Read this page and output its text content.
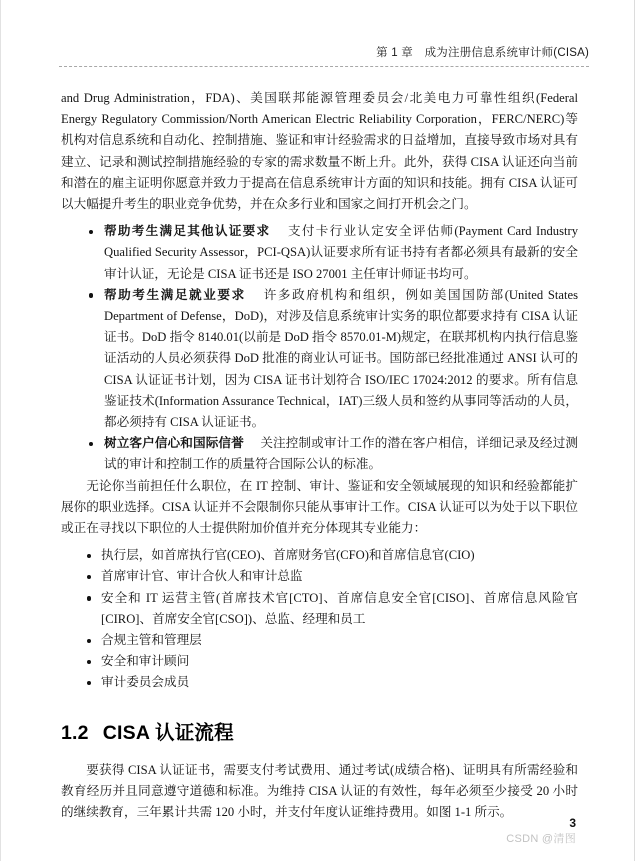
第 1 章　成为注册信息系统审计师(CISA)

and Drug Administration，FDA)、美国联邦能源管理委员会/北美电力可靠性组织(Federal Energy Regulatory Commission/North American Electric Reliability Corporation，FERC/NERC)等机构对信息系统和自动化、控制措施、鉴证和审计经验需求的日益增加，直接导致市场对具有建立、记录和测试控制措施经验的专家的需求数量不断上升。此外，获得 CISA 认证还向当前和潜在的雇主证明你愿意并致力于提高在信息系统审计方面的知识和技能。拥有 CISA 认证可以大幅提升考生的职业竞争优势，并在众多行业和国家之间打开机会之门。

帮助考生满足其他认证要求 支付卡行业认定安全评估师(Payment Card Industry Qualified Security Assessor，PCI-QSA)认证要求所有证书持有者都必须具有最新的安全审计认证，无论是 CISA 证书还是 ISO 27001 主任审计师证书均可。
帮助考生满足就业要求 许多政府机构和组织，例如美国国防部(United States Department of Defense，DoD)，对涉及信息系统审计实务的职位都要求持有 CISA 认证证书。DoD 指令 8140.01(以前是 DoD 指令 8570.01-M)规定，在联邦机构内执行信息鉴证活动的人员必须获得 DoD 批准的商业认可证书。国防部已经批准通过 ANSI 认可的 CISA 认证证书计划，因为 CISA 证书计划符合 ISO/IEC 17024:2012 的要求。所有信息鉴证技术(Information Assurance Technical，IAT)三级人员和签约从事同等活动的人员，都必须持有 CISA 认证证书。
树立客户信心和国际信誉 关注控制或审计工作的潜在客户相信，详细记录及经过测试的审计和控制工作的质量符合国际公认的标准。

无论你当前担任什么职位，在 IT 控制、审计、鉴证和安全领域展现的知识和经验都能扩展你的职业选择。CISA 认证并不会限制你只能从事审计工作。CISA 认证可以为处于以下职位或正在寻找以下职位的人士提供附加价值并充分体现其专业能力：

执行层，如首席执行官(CEO)、首席财务官(CFO)和首席信息官(CIO)
首席审计官、审计合伙人和审计总监
安全和 IT 运营主管(首席技术官[CTO]、首席信息安全官[CISO]、首席信息风险官[CIRO]、首席安全官[CSO])、总监、经理和员工
合规主管和管理层
安全和审计顾问
审计委员会成员
1.2 CISA 认证流程

要获得 CISA 认证证书，需要支付考试费用、通过考试(成绩合格)、证明具有所需经验和教育经历并且同意遵守道德和标准。为维持 CISA 认证的有效性，每年必须至少接受 20 小时的继续教育，三年累计共需 120 小时，并支付年度认证维持费用。如图 1-1 所示。

3
CSDN @清图
